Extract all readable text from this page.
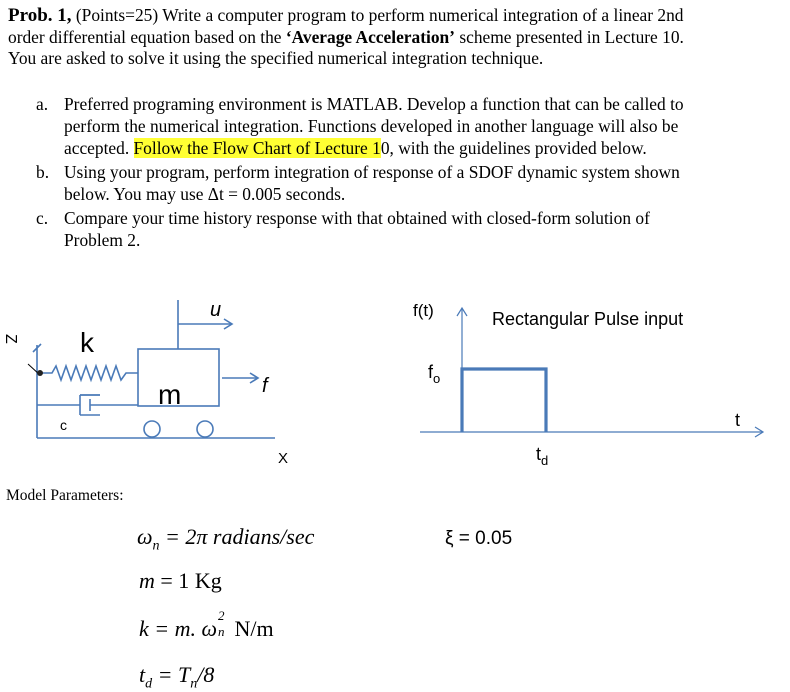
Prob. 1, (Points=25) Write a computer program to perform numerical integration of a linear 2nd
order differential equation based on the ‘Average Acceleration’ scheme presented in Lecture 10.
You are asked to solve it using the specified numerical integration technique.
a. Preferred programing environment is MATLAB. Develop a function that can be called to
perform the numerical integration. Functions developed in another language will also be
accepted. Follow the Flow Chart of Lecture 10, with the guidelines provided below.
b. Using your program, perform integration of response of a SDOF dynamic system shown
below. You may use Δt = 0.005 seconds.
c. Compare your time history response with that obtained with closed-form solution of
Problem 2.
Z k
c
m
u
f
X
f(t)	Rectangular Pulse input
$f_o$
$t_d$
t
Model Parameters:
$\omega_n = 2\pi$ radians/sec
m = 1 Kg
k = m. ω
2
n N/m
$t_d = T_n/8$
ξ = 0.05
